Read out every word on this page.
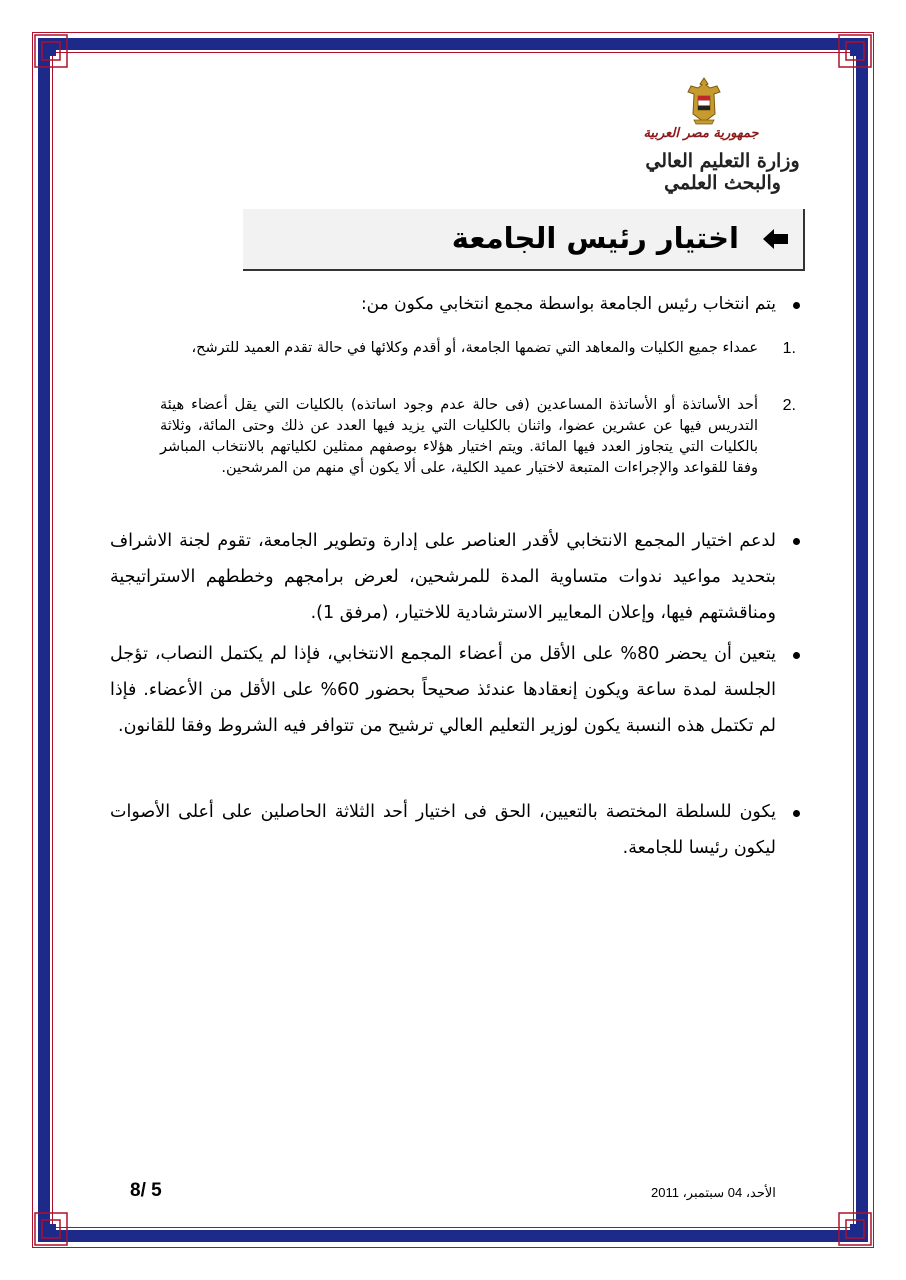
جمهورية مصر العربية
وزارة التعليم العالي والبحث العلمي
اختيار رئيس الجامعة
يتم انتخاب رئيس الجامعة بواسطة مجمع انتخابي مكون من:
1.
عمداء جميع الكليات والمعاهد التي تضمها الجامعة، أو أقدم وكلائها في حالة تقدم العميد للترشح،
2.
أحد الأساتذة أو الأساتذة المساعدين (فى حالة عدم وجود اساتذه) بالكليات التي يقل أعضاء هيئة التدريس فيها عن عشرين عضوا، واثنان بالكليات التي يزيد فيها العدد عن ذلك وحتى المائة، وثلاثة بالكليات التي يتجاوز العدد فيها المائة. ويتم اختيار هؤلاء بوصفهم ممثلين لكلياتهم بالانتخاب المباشر وفقا للقواعد والإجراءات المتبعة لاختيار عميد الكلية، على ألا يكون أي منهم من المرشحين.
لدعم اختيار المجمع الانتخابي لأقدر العناصر على إدارة وتطوير الجامعة، تقوم لجنة الاشراف بتحديد مواعيد ندوات متساوية المدة للمرشحين، لعرض برامجهم وخططهم الاستراتيجية ومناقشتهم فيها، وإعلان المعايير الاسترشادية للاختيار، (مرفق 1).
يتعين أن يحضر 80% على الأقل من أعضاء المجمع الانتخابي، فإذا لم يكتمل النصاب، تؤجل الجلسة لمدة ساعة ويكون إنعقادها عندئذ صحيحاً بحضور 60% على الأقل من الأعضاء. فإذا لم تكتمل هذه النسبة يكون لوزير التعليم العالي ترشيح من تتوافر فيه الشروط وفقا للقانون.
يكون للسلطة المختصة بالتعيين، الحق فى اختيار أحد الثلاثة الحاصلين على أعلى الأصوات ليكون رئيسا للجامعة.
8/ 5	الأحد، 04 سبتمبر، 2011
